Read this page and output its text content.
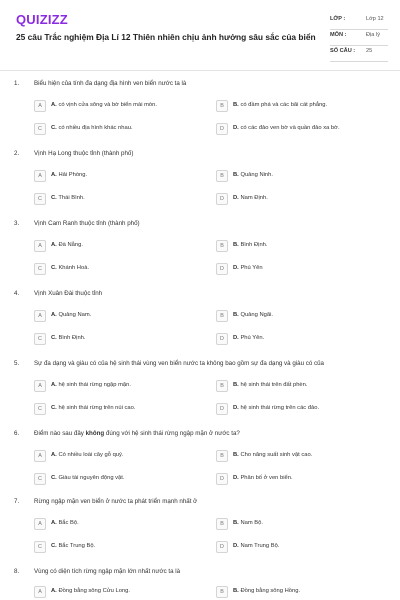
QUIZIZZ
25 câu Trắc nghiệm Địa Lí 12 Thiên nhiên chịu ảnh hưởng sâu sắc của biển
LỚP :	Lớp 12
MÔN :	Địa lý
SỐ CÂU : 25
1. Biểu hiện của tính đa dạng địa hình ven biển nước ta là
A	A. có vịnh cửa sông và bờ biển mài mòn.	B	B. có đầm phá và các bãi cát phẳng.
C	C. có nhiều địa hình khác nhau.	D	D. có các đảo ven bờ và quần đảo xa bờ.
2. Vịnh Hạ Long thuộc tỉnh (thành phố)
A	A. Hải Phòng.	B	B. Quảng Ninh.
C	C. Thái Bình.	D	D. Nam Định.
3. Vịnh Cam Ranh thuộc tỉnh (thành phố)
A	A. Đà Nẵng.	B	B. Bình Định.
C	C. Khánh Hoà.	D	D. Phú Yên
4. Vịnh Xuân Đài thuộc tỉnh
A	A. Quảng Nam.	B	B. Quảng Ngãi.
C	C. Bình Định.	D	D. Phú Yên.
5. Sự đa dạng và giàu có của hệ sinh thái vùng ven biển nước ta không bao gồm sự đa dạng và giàu có của
A	A. hệ sinh thái rừng ngập mặn.	B	B. hệ sinh thái trên đất phèn.
C	C. hệ sinh thái rừng trên núi cao.	D	D. hệ sinh thái rừng trên các đảo.
6. Điểm nào sau đây không đúng với hệ sinh thái rừng ngập mặn ở nước ta?
A	A. Có nhiều loài cây gỗ quý.	B	B. Cho năng suất sinh vật cao.
C	C. Giàu tài nguyên động vật.	D	D. Phân bố ở ven biển.
7. Rừng ngập mặn ven biển ở nước ta phát triển mạnh nhất ở
A	A. Bắc Bộ.	B	B. Nam Bộ.
C	C. Bắc Trung Bộ.	D	D. Nam Trung Bộ.
8. Vùng có diện tích rừng ngập mặn lớn nhất nước ta là
A	A. Đồng bằng sông Cửu Long.	B	B. Đồng bằng sông Hồng.
